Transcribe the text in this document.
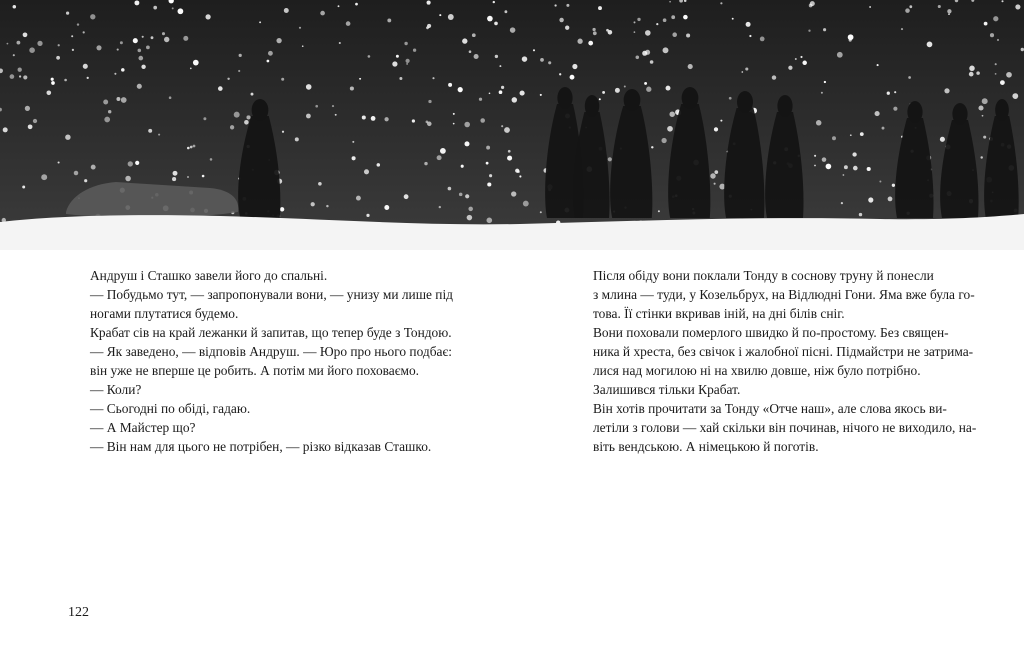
Андруш і Сташко завели його до спальні.

— Побудьмо тут, — запропонували вони, — унизу ми лише під

ногами плутатися будемо.

Крабат сів на край лежанки й запитав, що тепер буде з Тондою.

— Як заведено, — відповів Андруш. — Юро про нього подбає:

він уже не вперше це робить. А потім ми його поховаємо.

— Коли?

— Сьогодні по обіді, гадаю.

— А Майстер що?

— Він нам для цього не потрібен, — різко відказав Сташко.

Після обіду вони поклали Тонду в соснову труну й понесли

з млина — туди, у Козельбрух, на Відлюдні Гони. Яма вже була го-

това. Її стінки вкривав іній, на дні білів сніг.

Вони поховали померлого швидко й по-простому. Без священ-

ника й хреста, без свічок і жалобної пісні. Підмайстри не затрима-

лися над могилою ні на хвилю довше, ніж було потрібно.

Залишився тільки Крабат.

Він хотів прочитати за Тонду «Отче наш», але слова якось ви-

летіли з голови — хай скільки він починав, нічого не виходило, на-

віть вендською. А німецькою й поготів.

122
